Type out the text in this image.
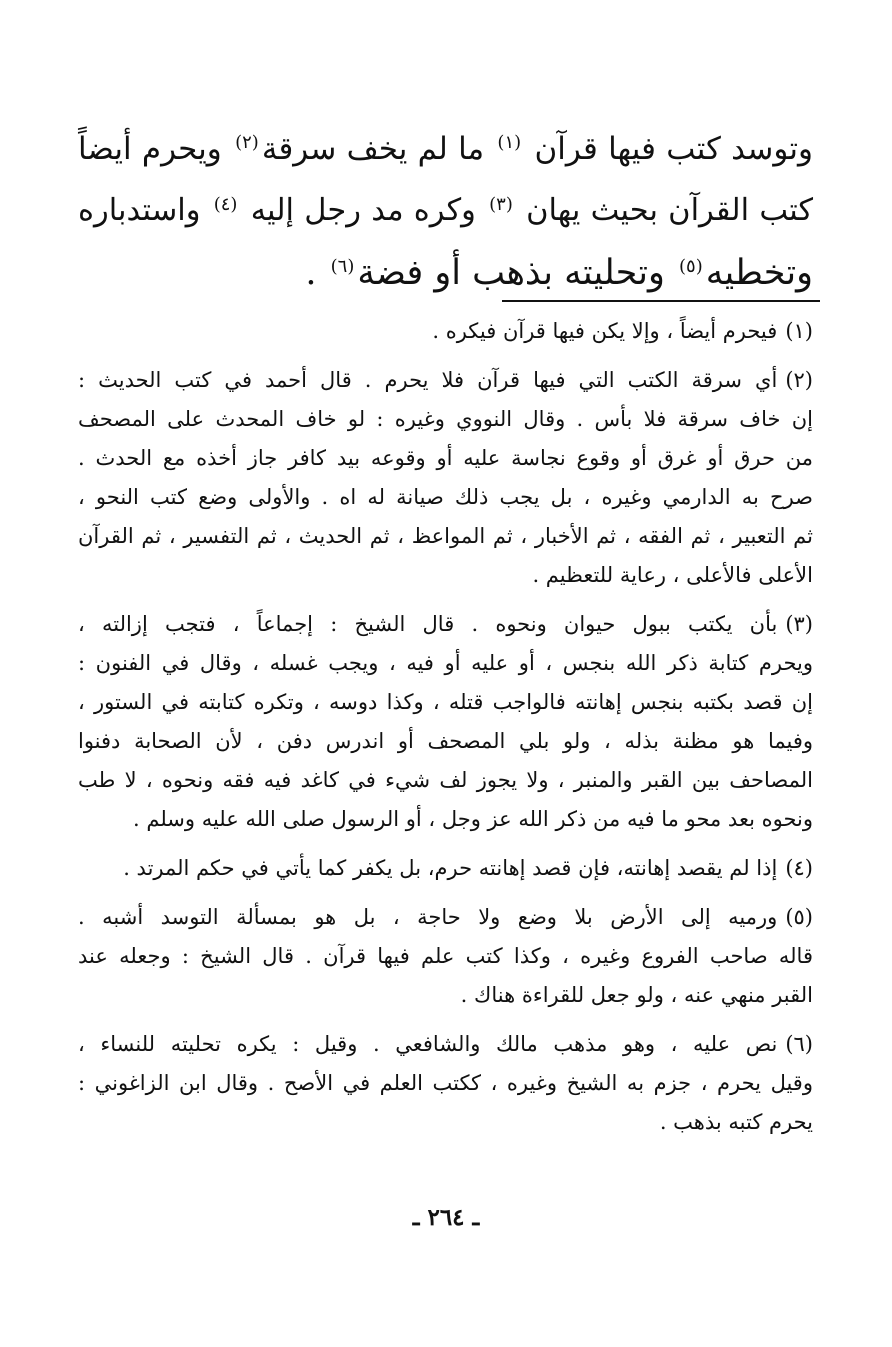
وتوسد كتب فيها قرآن $^{(١)}$ ما لم يخف سرقة$^{(٢)}$ ويحرم أيضاً
كتب القرآن بحيث يهان $^{(٣)}$ وكره مد رجل إليه $^{(٤)}$ واستدباره
وتخطيه$^{(٥)}$ وتحليته بذهب أو فضة$^{(٦)}$ .
(١)فيحرم أيضاً ، وإلا يكن فيها قرآن فيكره .
(٢)أي سرقة الكتب التي فيها قرآن فلا يحرم . قال أحمد في كتب الحديث :
إن خاف سرقة فلا بأس . وقال النووي وغيره : لو خاف المحدث على المصحف
من حرق أو غرق أو وقوع نجاسة عليه أو وقوعه بيد كافر جاز أخذه مع الحدث .
صرح به الدارمي وغيره ، بل يجب ذلك صيانة له اه . والأولى وضع كتب النحو ،
ثم التعبير ، ثم الفقه ، ثم الأخبار ، ثم المواعظ ، ثم الحديث ، ثم التفسير ، ثم القرآن
الأعلى فالأعلى ، رعاية للتعظيم .
(٣)بأن يكتب ببول حيوان ونحوه . قال الشيخ : إجماعاً ، فتجب إزالته ،
ويحرم كتابة ذكر الله بنجس ، أو عليه أو فيه ، ويجب غسله ، وقال في الفنون :
إن قصد بكتبه بنجس إهانته فالواجب قتله ، وكذا دوسه ، وتكره كتابته في الستور ،
وفيما هو مظنة بذله ، ولو بلي المصحف أو اندرس دفن ، لأن الصحابة دفنوا
المصاحف بين القبر والمنبر ، ولا يجوز لف شيء في كاغد فيه فقه ونحوه ، لا طب
ونحوه بعد محو ما فيه من ذكر الله عز وجل ، أو الرسول صلى الله عليه وسلم .
(٤)إذا لم يقصد إهانته، فإن قصد إهانته حرم، بل يكفر كما يأتي في حكم المرتد .
(٥)ورميه إلى الأرض بلا وضع ولا حاجة ، بل هو بمسألة التوسد أشبه .
قاله صاحب الفروع وغيره ، وكذا كتب علم فيها قرآن . قال الشيخ : وجعله عند
القبر منهي عنه ، ولو جعل للقراءة هناك .
(٦)نص عليه ، وهو مذهب مالك والشافعي . وقيل : يكره تحليته للنساء ،
وقيل يحرم ، جزم به الشيخ وغيره ، ككتب العلم في الأصح . وقال ابن الزاغوني :
يحرم كتبه بذهب .
ـ ٢٦٤ ـ
